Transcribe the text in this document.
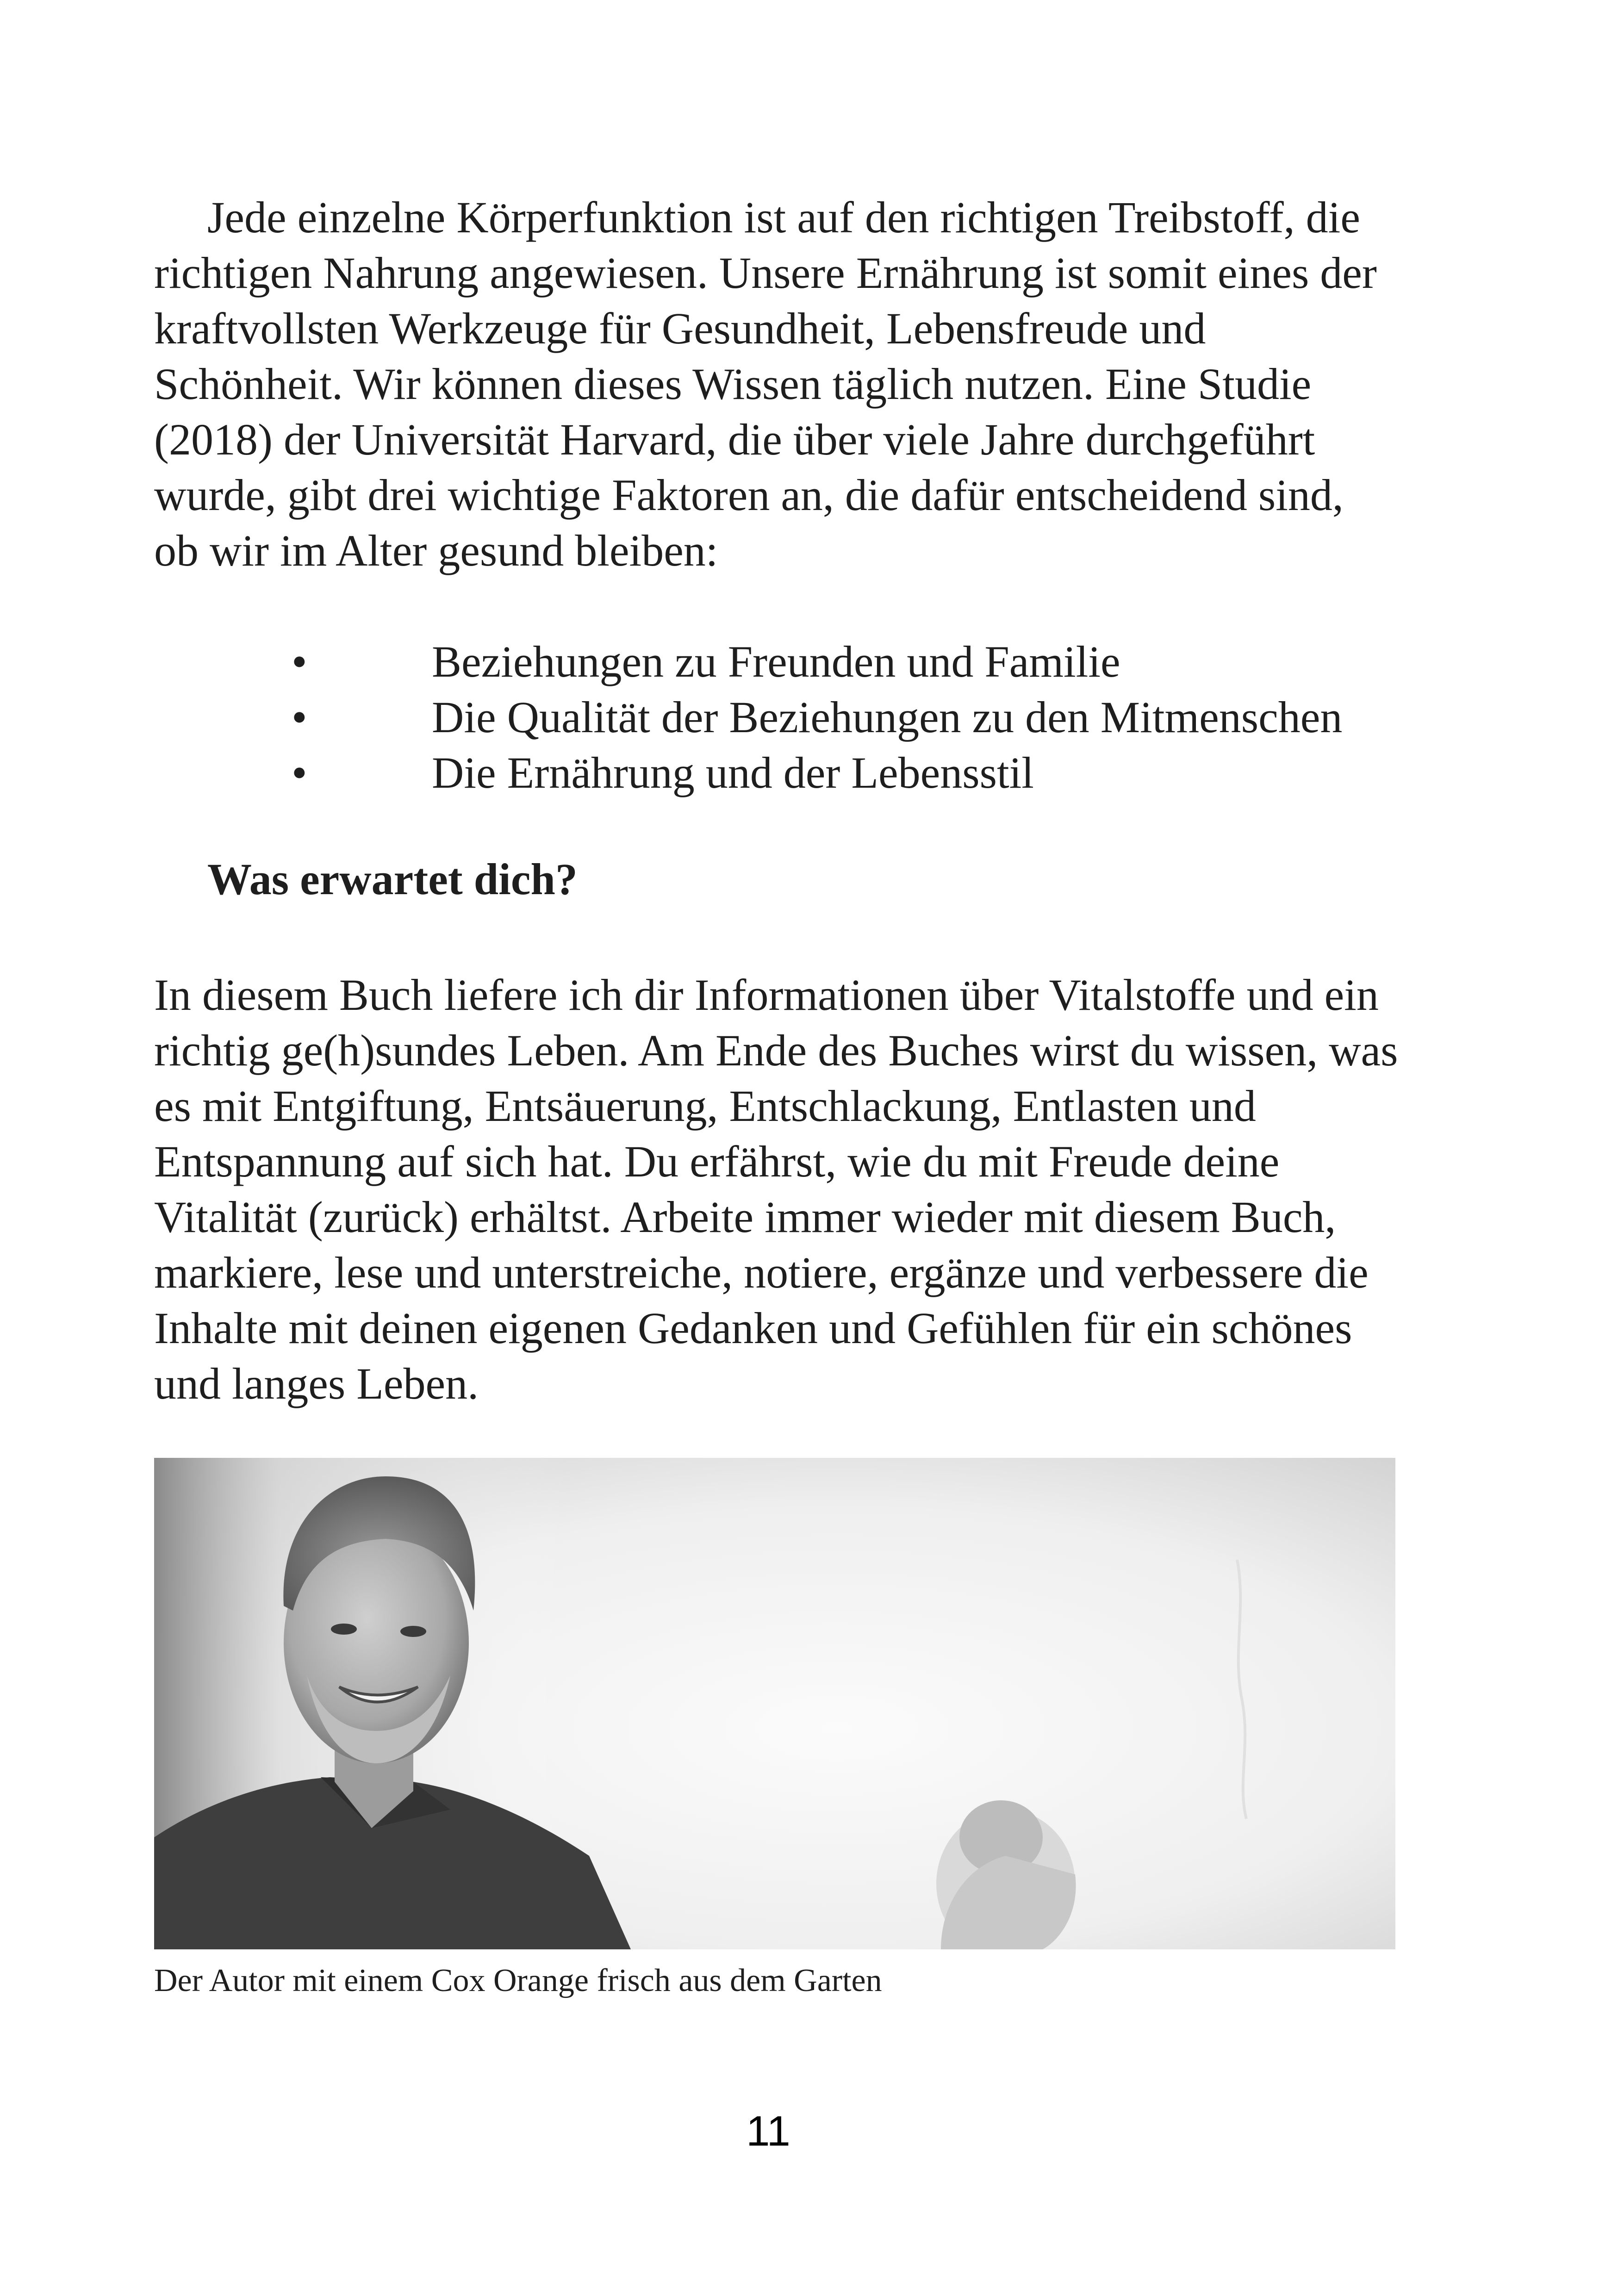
Jede einzelne Körperfunktion ist auf den richtigen Treibstoff, die
richtigen Nahrung angewiesen. Unsere Ernährung ist somit eines der
kraftvollsten Werkzeuge für Gesundheit, Lebensfreude und
Schönheit. Wir können dieses Wissen täglich nutzen. Eine Studie
(2018) der Universität Harvard, die über viele Jahre durchgeführt
wurde, gibt drei wichtige Faktoren an, die dafür entscheidend sind,
ob wir im Alter gesund bleiben:
•	Beziehungen zu Freunden und Familie
•	Die Qualität der Beziehungen zu den Mitmenschen
•	Die Ernährung und der Lebensstil
Was erwartet dich?
In diesem Buch liefere ich dir Informationen über Vitalstoffe und ein
richtig ge(h)sundes Leben. Am Ende des Buches wirst du wissen, was
es mit Entgiftung, Entsäuerung, Entschlackung, Entlasten und
Entspannung auf sich hat. Du erfährst, wie du mit Freude deine
Vitalität (zurück) erhältst. Arbeite immer wieder mit diesem Buch,
markiere, lese und unterstreiche, notiere, ergänze und verbessere die
Inhalte mit deinen eigenen Gedanken und Gefühlen für ein schönes
und langes Leben.
Der Autor mit einem Cox Orange frisch aus dem Garten
11
